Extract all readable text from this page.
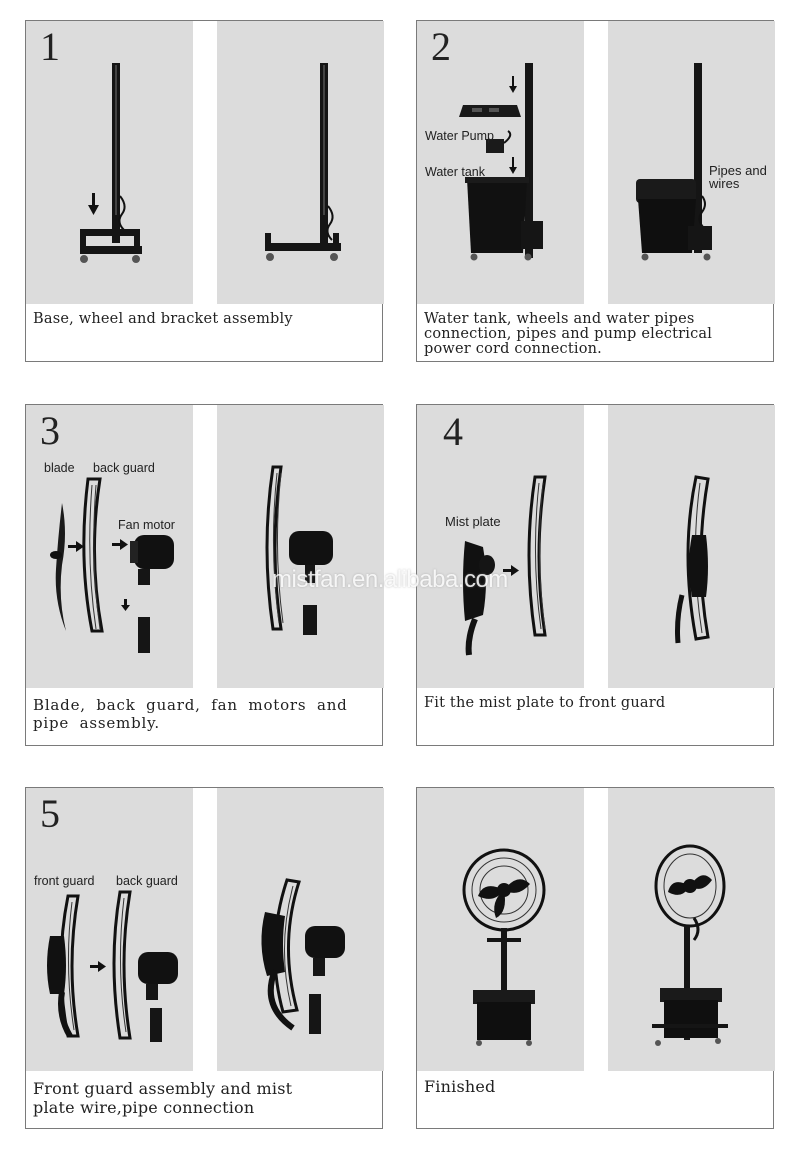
1
Base, wheel and bracket assembly
2
Water Pump
Water tank	Pipes and
wires
Water tank, wheels and water pipes
connection, pipes and pump electrical
power cord connection.
3
blade back guard
Fan motor
Blade, back guard, fan motors and
pipe assembly.
4
Mist plate
Fit the mist plate to front guard
5
front guard back guard
Front guard assembly and mist
plate wire,pipe connection
Finished
mistfan.en.alibaba.com
